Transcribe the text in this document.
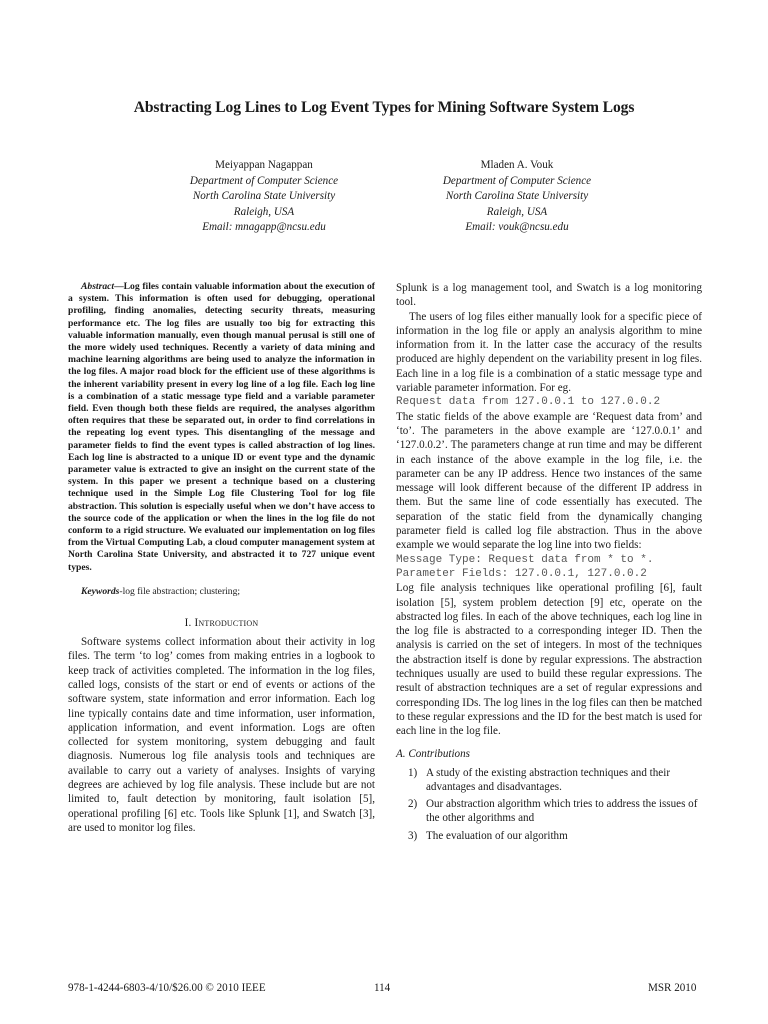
Abstracting Log Lines to Log Event Types for Mining Software System Logs
Meiyappan Nagappan
Department of Computer Science
North Carolina State University
Raleigh, USA
Email: mnagapp@ncsu.edu
Mladen A. Vouk
Department of Computer Science
North Carolina State University
Raleigh, USA
Email: vouk@ncsu.edu

Abstract—Log files contain valuable information about the execution of a system. This information is often used for debugging, operational profiling, finding anomalies, detecting security threats, measuring performance etc. The log files are usually too big for extracting this valuable information manually, even though manual perusal is still one of the more widely used techniques. Recently a variety of data mining and machine learning algorithms are being used to analyze the information in the log files. A major road block for the efficient use of these algorithms is the inherent variability present in every log line of a log file. Each log line is a combination of a static message type field and a variable parameter field. Even though both these fields are required, the analyses algorithm often requires that these be separated out, in order to find correlations in the repeating log event types. This disentangling of the message and parameter fields to find the event types is called abstraction of log lines. Each log line is abstracted to a unique ID or event type and the dynamic parameter value is extracted to give an insight on the current state of the system. In this paper we present a technique based on a clustering technique used in the Simple Log file Clustering Tool for log file abstraction. This solution is especially useful when we don’t have access to the source code of the application or when the lines in the log file do not conform to a rigid structure. We evaluated our implementation on log files from the Virtual Computing Lab, a cloud computer management system at North Carolina State University, and abstracted it to 727 unique event types.

Keywords-log file abstraction; clustering;

I. Introduction

Software systems collect information about their activity in log files. The term ‘to log’ comes from making entries in a logbook to keep track of activities completed. The information in the log files, called logs, consists of the start or end of events or actions of the software system, state information and error information. Each log line typically contains date and time information, user information, application information, and event information. Logs are often collected for system monitoring, system debugging and fault diagnosis. Numerous log file analysis tools and techniques are available to carry out a variety of analyses. Insights of varying degrees are achieved by log file analysis. These include but are not limited to, fault detection by monitoring, fault isolation [5], operational profiling [6] etc. Tools like Splunk [1], and Swatch [3], are used to monitor log files.

Splunk is a log management tool, and Swatch is a log monitoring tool.

The users of log files either manually look for a specific piece of information in the log file or apply an analysis algorithm to mine information from it. In the latter case the accuracy of the results produced are highly dependent on the variability present in log files. Each line in a log file is a combination of a static message type and variable parameter information. For eg.

Request data from 127.0.0.1 to 127.0.0.2

The static fields of the above example are ‘Request data from’ and ‘to’. The parameters in the above example are ‘127.0.0.1’ and ‘127.0.0.2’. The parameters change at run time and may be different in each instance of the above example in the log file, i.e. the parameter can be any IP address. Hence two instances of the same message will look different because of the different IP address in them. But the same line of code essentially has executed. The separation of the static field from the dynamically changing parameter field is called log file abstraction. Thus in the above example we would separate the log line into two fields:

Message Type: Request data from * to *.

Parameter Fields: 127.0.0.1, 127.0.0.2

Log file analysis techniques like operational profiling [6], fault isolation [5], system problem detection [9] etc, operate on the abstracted log files. In each of the above techniques, each log line in the log file is abstracted to a corresponding integer ID. Then the analysis is carried on the set of integers. In most of the techniques the abstraction itself is done by regular expressions. The abstraction techniques usually are used to build these regular expressions. The result of abstraction techniques are a set of regular expressions and corresponding IDs. The log lines in the log files can then be matched to these regular expressions and the ID for the best match is used for each line in the log file.

A. Contributions
1) A study of the existing abstraction techniques and their advantages and disadvantages.
2) Our abstraction algorithm which tries to address the issues of the other algorithms and
3) The evaluation of our algorithm
978-1-4244-6803-4/10/$26.00 © 2010 IEEE	114	MSR 2010
